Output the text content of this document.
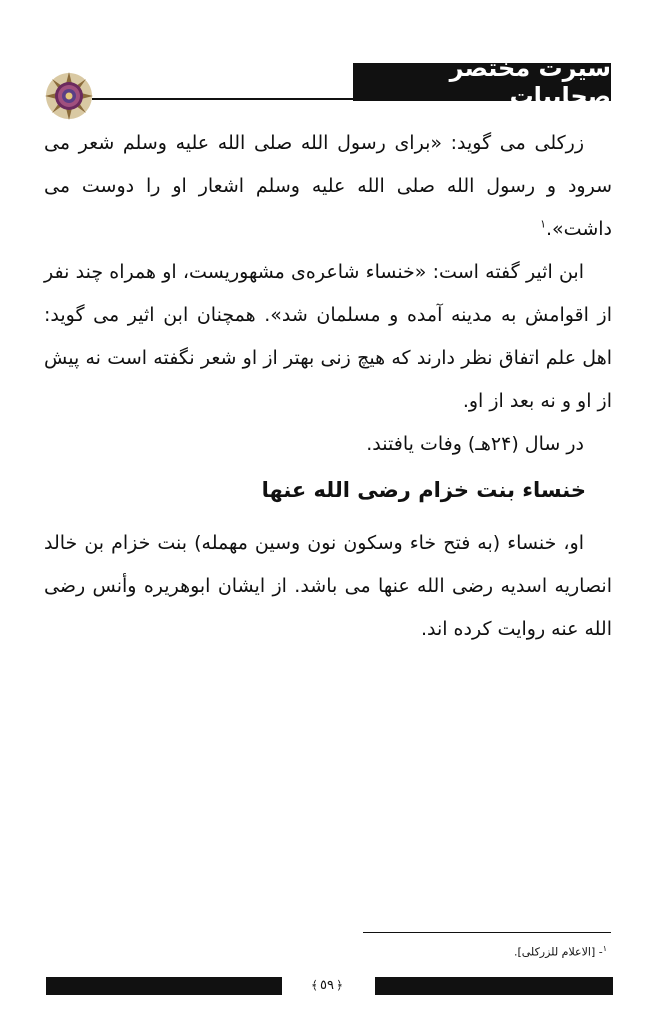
سیرت مختصر صحابیات

زرکلی می گوید: «برای رسول الله صلی الله علیه وسلم شعر می سرود و رسول الله صلی الله علیه وسلم اشعار او را دوست می داشت».$^١$

ابن اثیر گفته است: «خنساء شاعره‌ی مشهوریست، او همراه چند نفر از اقوامش به مدینه آمده و مسلمان شد». همچنان ابن اثیر می گوید: اهل علم اتفاق نظر دارند که هیچ زنی بهتر از او شعر نگفته است نه پیش از او و نه بعد از او.

در سال (۲۴هـ) وفات یافتند.

خنساء بنت خزام رضی الله عنها

او، خنساء (به فتح خاء وسکون نون وسین مهمله) بنت خزام بن خالد انصاریه اسدیه رضی الله عنها می باشد. از ایشان ابوهریره وأنس رضی الله عنه روایت کرده اند.

$^١$- [الاعلام للزرکلی].
﴿
٥٩
﴾
